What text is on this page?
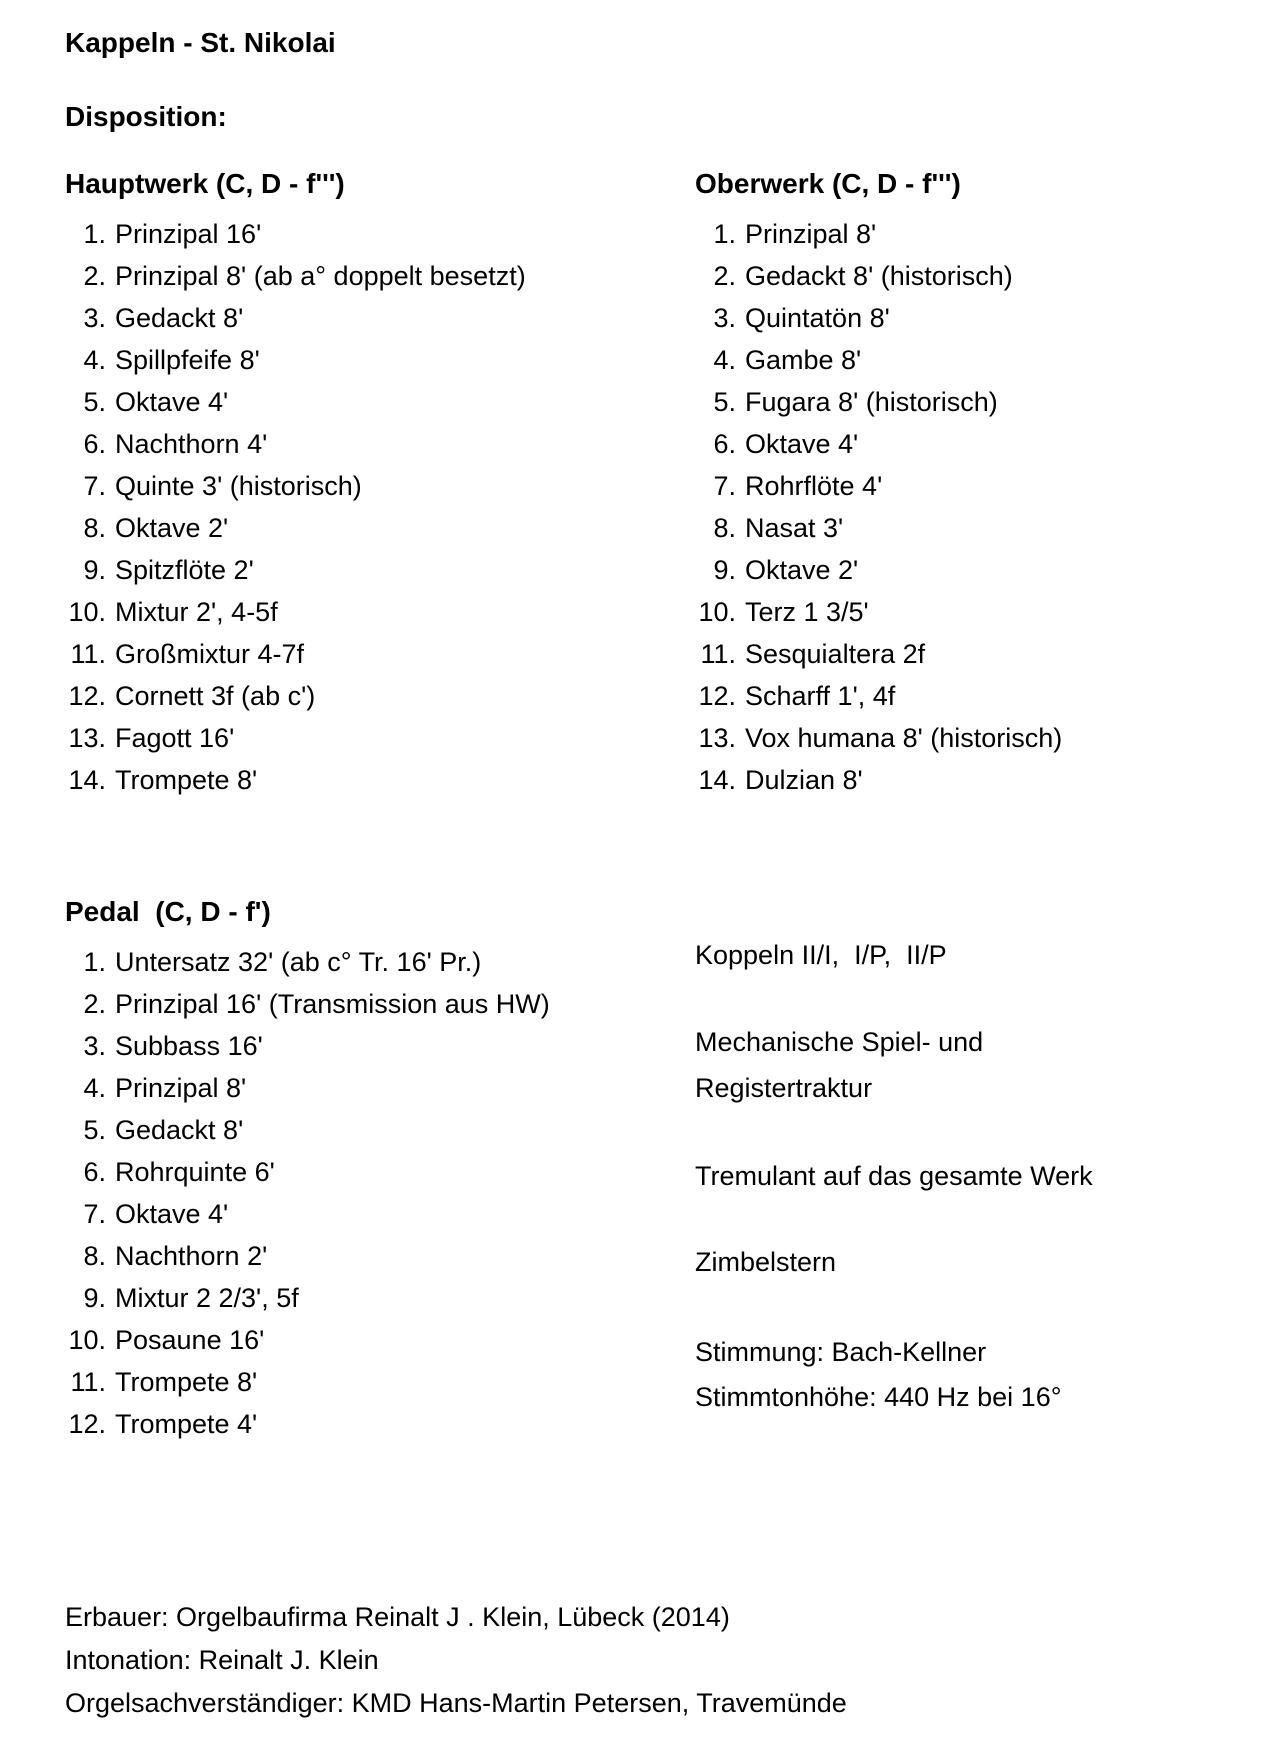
Kappeln - St. Nikolai
Disposition:
Hauptwerk (C, D - f''')
1. Prinzipal 16'
2. Prinzipal 8' (ab a° doppelt besetzt)
3. Gedackt 8'
4. Spillpfeife 8'
5. Oktave 4'
6. Nachthorn 4'
7. Quinte 3' (historisch)
8. Oktave 2'
9. Spitzflöte 2'
10. Mixtur 2', 4-5f
11. Großmixtur 4-7f
12. Cornett 3f (ab c')
13. Fagott 16'
14. Trompete 8'
Oberwerk (C, D - f''')
1. Prinzipal 8'
2. Gedackt 8' (historisch)
3. Quintatön 8'
4. Gambe 8'
5. Fugara 8' (historisch)
6. Oktave 4'
7. Rohrflöte 4'
8. Nasat 3'
9. Oktave 2'
10. Terz 1 3/5'
11. Sesquialtera 2f
12. Scharff 1', 4f
13. Vox humana 8' (historisch)
14. Dulzian 8'
Pedal  (C, D - f')
1. Untersatz 32' (ab c° Tr. 16' Pr.)
2. Prinzipal 16' (Transmission aus HW)
3. Subbass 16'
4. Prinzipal 8'
5. Gedackt 8'
6. Rohrquinte 6'
7. Oktave 4'
8. Nachthorn 2'
9. Mixtur 2 2/3', 5f
10. Posaune 16'
11. Trompete 8'
12. Trompete 4'
Koppeln II/I,  I/P,  II/P
Mechanische Spiel- und Registertraktur
Tremulant auf das gesamte Werk
Zimbelstern
Stimmung: Bach-Kellner
Stimmtonhöhe: 440 Hz bei 16°
Erbauer: Orgelbaufirma Reinalt J . Klein, Lübeck (2014)
Intonation: Reinalt J. Klein
Orgelsachverständiger: KMD Hans-Martin Petersen, Travemünde
